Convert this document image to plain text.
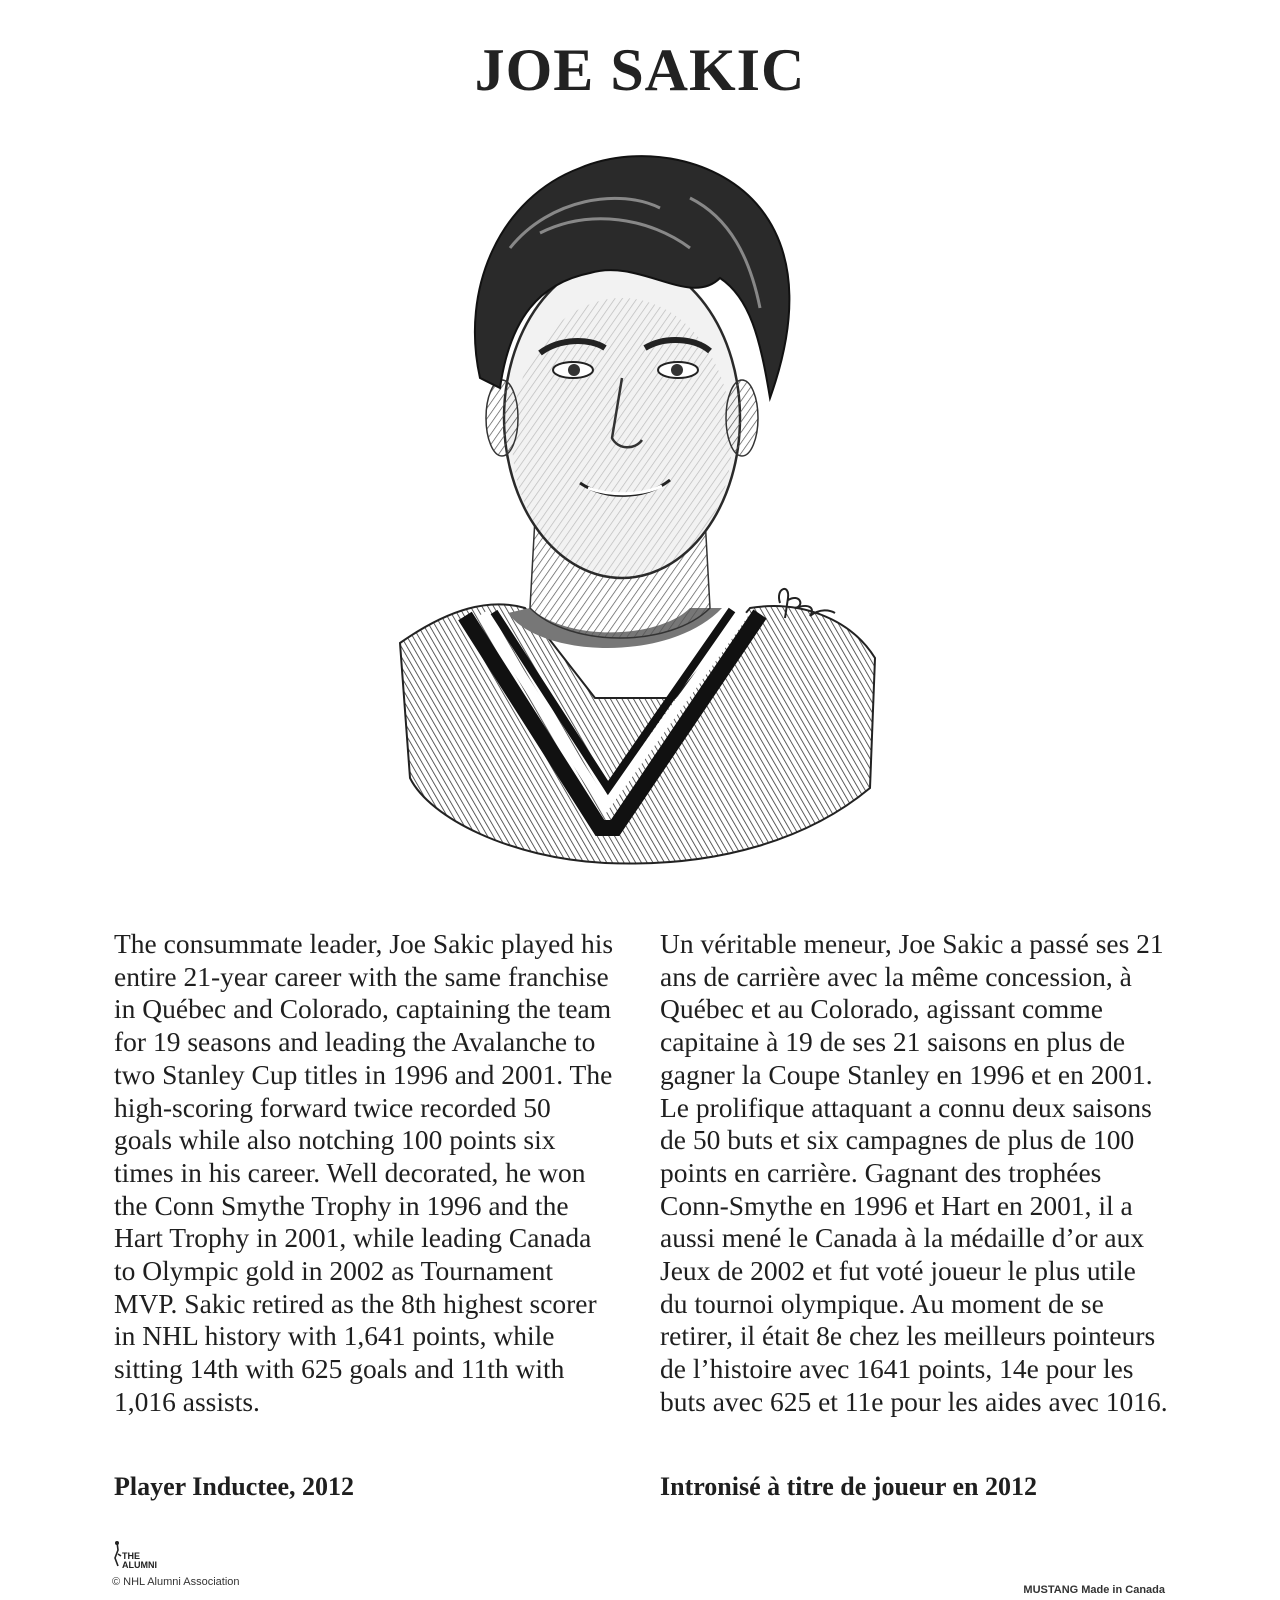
JOE SAKIC

The consummate leader, Joe Sakic played his entire 21-year career with the same franchise in Québec and Colorado, captaining the team for 19 seasons and leading the Avalanche to two Stanley Cup titles in 1996 and 2001. The high-scoring forward twice recorded 50 goals while also notching 100 points six times in his career. Well decorated, he won the Conn Smythe Trophy in 1996 and the Hart Trophy in 2001, while leading Canada to Olympic gold in 2002 as Tournament MVP. Sakic retired as the 8th highest scorer in NHL history with 1,641 points, while sitting 14th with 625 goals and 11th with 1,016 assists.

Un véritable meneur, Joe Sakic a passé ses 21 ans de carrière avec la même concession, à Québec et au Colorado, agissant comme capitaine à 19 de ses 21 saisons en plus de gagner la Coupe Stanley en 1996 et en 2001. Le prolifique attaquant a connu deux saisons de 50 buts et six campagnes de plus de 100 points en carrière. Gagnant des trophées Conn-Smythe en 1996 et Hart en 2001, il a aussi mené le Canada à la médaille d’or aux Jeux de 2002 et fut voté joueur le plus utile du tournoi olympique. Au moment de se retirer, il était 8e chez les meilleurs pointeurs de l’histoire avec 1641 points, 14e pour les buts avec 625 et 11e pour les aides avec 1016.

Player Inductee, 2012	Intronisé à titre de joueur en 2012
THE
ALUMNI
© NHL Alumni Association
MUSTANG Made in Canada
